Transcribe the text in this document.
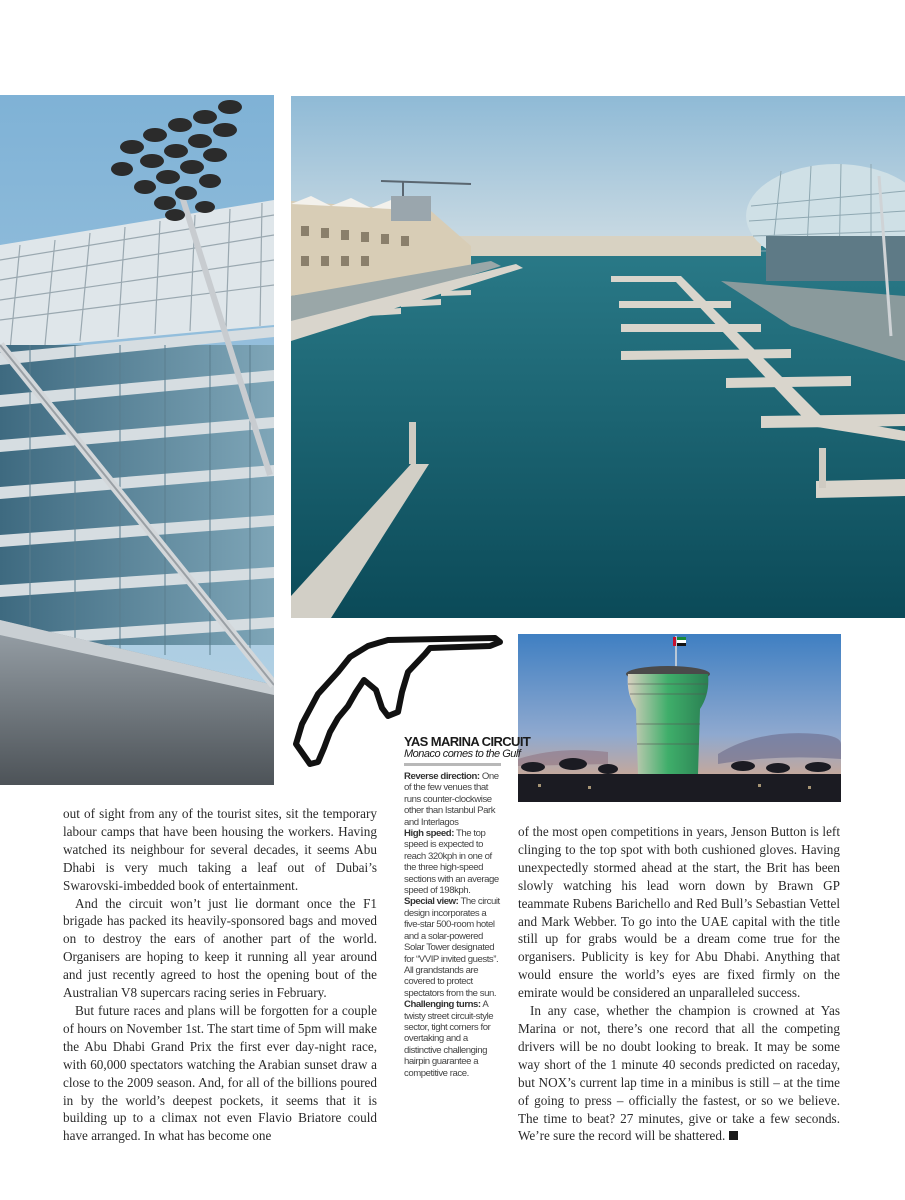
YAS MARINA CIRCUIT
Monaco comes to the Gulf
Reverse direction: One of the few venues that runs counter-clockwise other than Istanbul Park and Interlagos
High speed: The top speed is expected to reach 320kph in one of the three high-speed sections with an average speed of 198kph.
Special view: The circuit design incorporates a five-star 500-room hotel and a solar-powered Solar Tower designated for “VVIP invited guests”. All grandstands are covered to protect spectators from the sun.
Challenging turns: A twisty street circuit-style sector, tight corners for overtaking and a distinctive challenging hairpin guarantee a competitive race.

out of sight from any of the tourist sites, sit the temporary labour camps that have been housing the workers. Having watched its neighbour for several decades, it seems Abu Dhabi is very much taking a leaf out of Dubai’s Swarovski-imbedded book of entertainment.

And the circuit won’t just lie dormant once the F1 brigade has packed its heavily-sponsored bags and moved on to destroy the ears of another part of the world. Organisers are hoping to keep it running all year around and just recently agreed to host the opening bout of the Australian V8 supercars racing series in February.

But future races and plans will be forgotten for a couple of hours on November 1st. The start time of 5pm will make the Abu Dhabi Grand Prix the first ever day-night race, with 60,000 spectators watching the Arabian sunset draw a close to the 2009 season. And, for all of the billions poured in by the world’s deepest pockets, it seems that it is building up to a climax not even Flavio Briatore could have arranged. In what has become one

of the most open competitions in years, Jenson Button is left clinging to the top spot with both cushioned gloves. Having unexpectedly stormed ahead at the start, the Brit has been slowly watching his lead worn down by Brawn GP teammate Rubens Barichello and Red Bull’s Sebastian Vettel and Mark Webber. To go into the UAE capital with the title still up for grabs would be a dream come true for the organisers. Publicity is key for Abu Dhabi. Anything that would ensure the world’s eyes are fixed firmly on the emirate would be considered an unparalleled success.

In any case, whether the champion is crowned at Yas Marina or not, there’s one record that all the competing drivers will be no doubt looking to break. It may be some way short of the 1 minute 40 seconds predicted on raceday, but NOX’s current lap time in a minibus is still – at the time of going to press – officially the fastest, or so we believe. The time to beat? 27 minutes, give or take a few seconds. We’re sure the record will be shattered.
